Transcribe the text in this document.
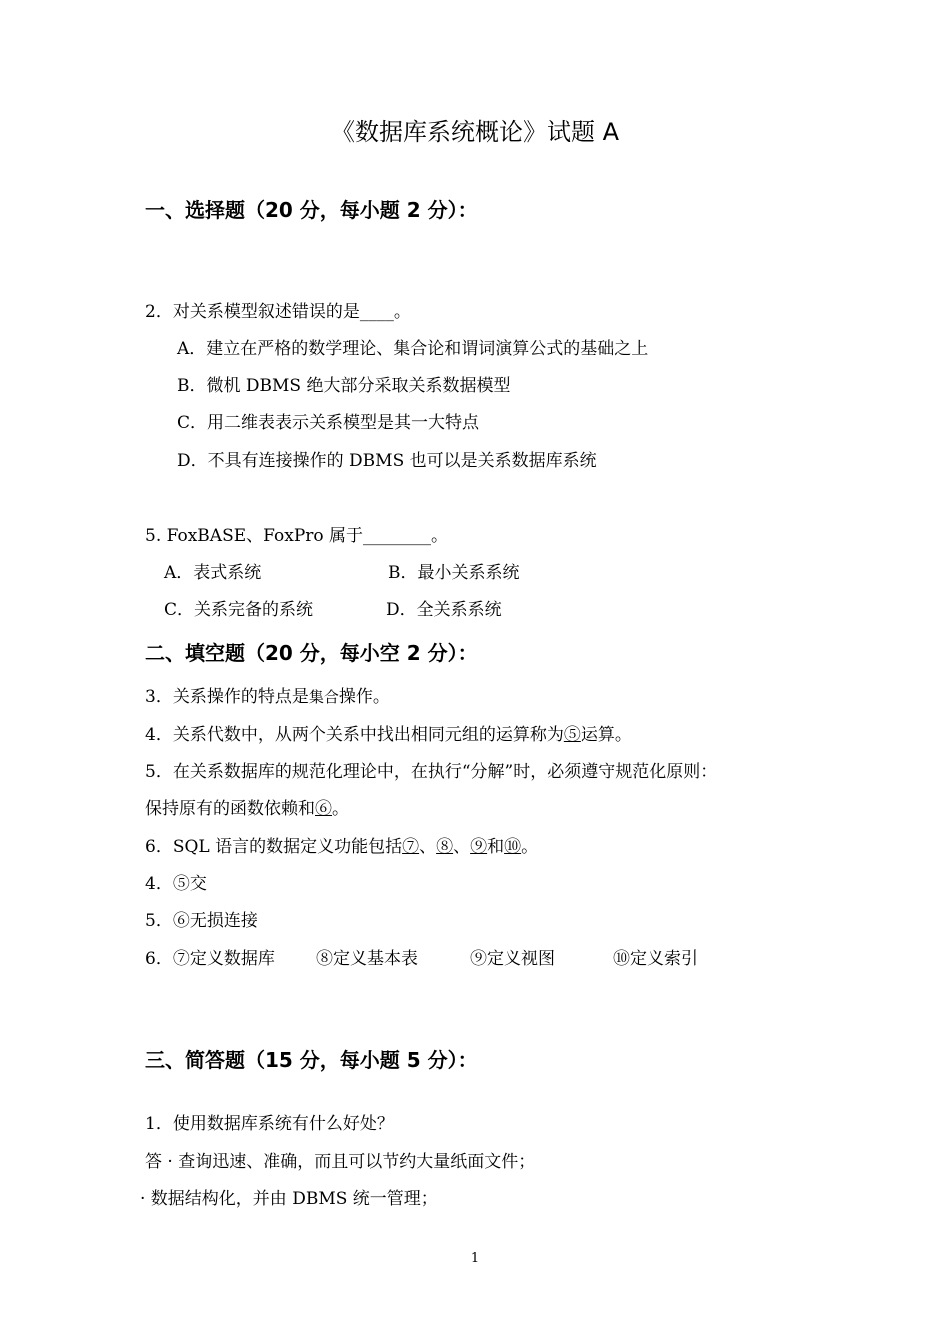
《数据库系统概论》试题 A
一、选择题（20 分，每小题 2 分）：
2．对关系模型叙述错误的是____。
A．建立在严格的数学理论、集合论和谓词演算公式的基础之上
B．微机 DBMS 绝大部分采取关系数据模型
C．用二维表表示关系模型是其一大特点
D．不具有连接操作的 DBMS 也可以是关系数据库系统
5. FoxBASE、FoxPro 属于________。
A．表式系统	B．最小关系系统
C．关系完备的系统	D．全关系系统
二、填空题（20 分，每小空 2 分）：
3．关系操作的特点是集合操作。
4．关系代数中，从两个关系中找出相同元组的运算称为⑤运算。
5．在关系数据库的规范化理论中，在执行“分解”时，必须遵守规范化原则：
保持原有的函数依赖和⑥。
6．SQL 语言的数据定义功能包括⑦、⑧、⑨和⑩。
4．⑤交
5．⑥无损连接
6．⑦定义数据库 ⑧定义基本表	⑨定义视图	⑩定义索引
三、简答题（15 分，每小题 5 分）：
1．使用数据库系统有什么好处？
答 · 查询迅速、准确，而且可以节约大量纸面文件；
· 数据结构化，并由 DBMS 统一管理；
1
